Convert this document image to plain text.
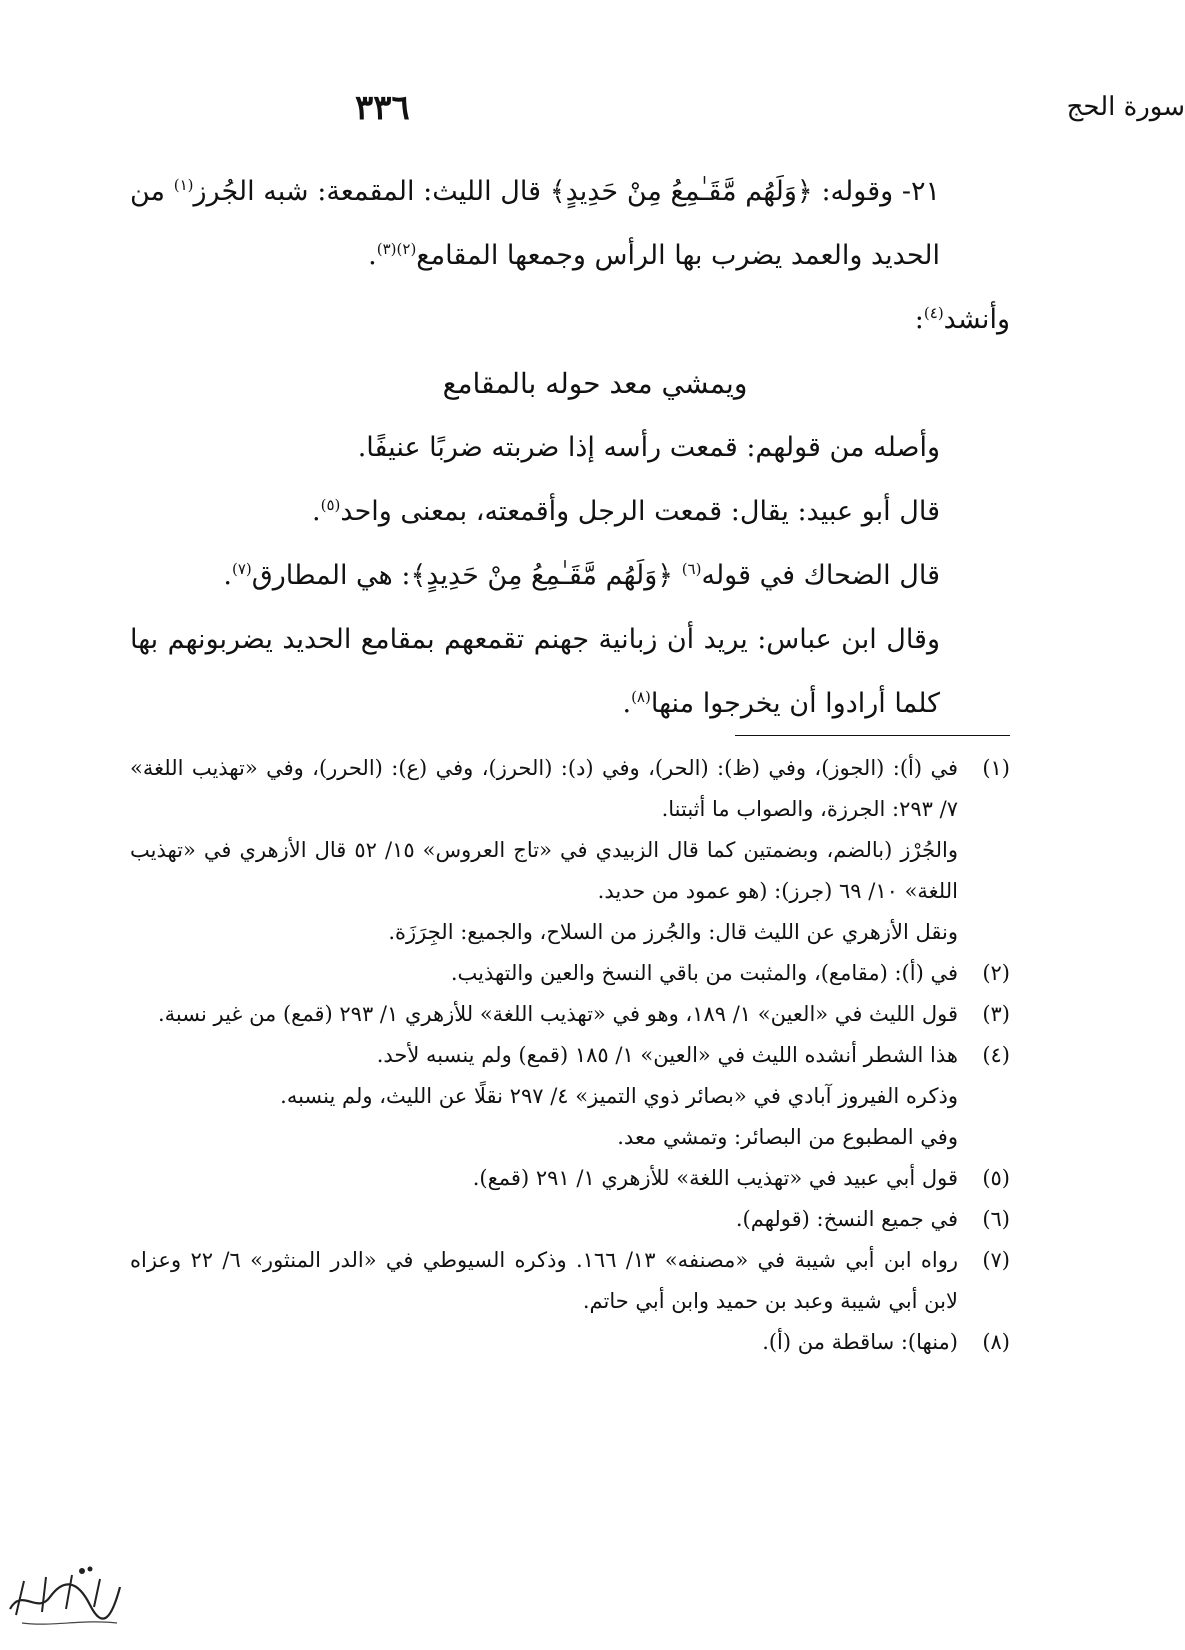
سورة الحج
٣٣٦

٢١- وقوله: ﴿وَلَهُم مَّقَـٰمِعُ مِنْ حَدِيدٍ﴾ قال الليث: المقمعة: شبه الجُرز$^{(١)}$ من الحديد والعمد يضرب بها الرأس وجمعها المقامع$^{(٢)(٣)}$.

وأنشد$^{(٤)}$:

ويمشي معد حوله بالمقامع

وأصله من قولهم: قمعت رأسه إذا ضربته ضربًا عنيفًا.

قال أبو عبيد: يقال: قمعت الرجل وأقمعته، بمعنى واحد$^{(٥)}$.

قال الضحاك في قوله$^{(٦)}$ ﴿وَلَهُم مَّقَـٰمِعُ مِنْ حَدِيدٍ﴾: هي المطارق$^{(٧)}$.

وقال ابن عباس: يريد أن زبانية جهنم تقمعهم بمقامع الحديد يضربونهم بها كلما أرادوا أن يخرجوا منها$^{(٨)}$.

(١)

في (أ): (الجوز)، وفي (ظ): (الحر)، وفي (د): (الحرز)، وفي (ع): (الحرر)، وفي «تهذيب اللغة» ٧/ ٢٩٣: الجرزة، والصواب ما أثبتنا.

والجُرْز (بالضم، وبضمتين كما قال الزبيدي في «تاج العروس» ١٥/ ٥٢ قال الأزهري في «تهذيب اللغة» ١٠/ ٦٩ (جرز): (هو عمود من حديد.

ونقل الأزهري عن الليث قال: والجُرز من السلاح، والجميع: الجِرَزَة.

(٢)

في (أ): (مقامع)، والمثبت من باقي النسخ والعين والتهذيب.

(٣)

قول الليث في «العين» ١/ ١٨٩، وهو في «تهذيب اللغة» للأزهري ١/ ٢٩٣ (قمع) من غير نسبة.

(٤)

هذا الشطر أنشده الليث في «العين» ١/ ١٨٥ (قمع) ولم ينسبه لأحد.

وذكره الفيروز آبادي في «بصائر ذوي التميز» ٤/ ٢٩٧ نقلًا عن الليث، ولم ينسبه.

وفي المطبوع من البصائر: وتمشي معد.

(٥)

قول أبي عبيد في «تهذيب اللغة» للأزهري ١/ ٢٩١ (قمع).

(٦)

في جميع النسخ: (قولهم).

(٧)

رواه ابن أبي شيبة في «مصنفه» ١٣/ ١٦٦. وذكره السيوطي في «الدر المنثور» ٦/ ٢٢ وعزاه لابن أبي شيبة وعبد بن حميد وابن أبي حاتم.

(٨)

(منها): ساقطة من (أ).
